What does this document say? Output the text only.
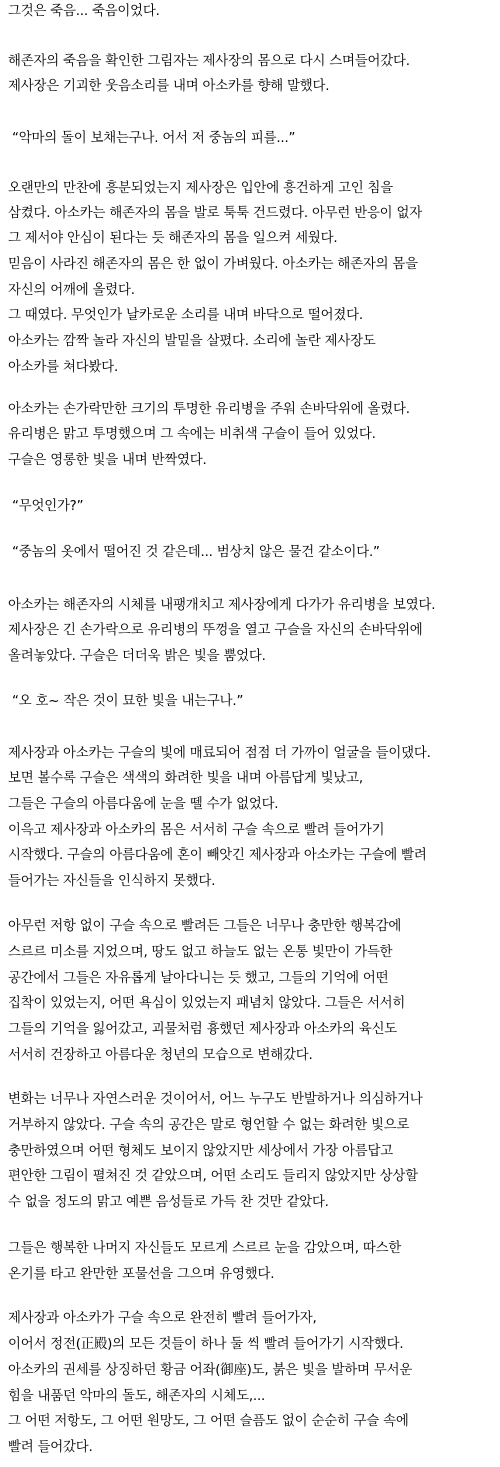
그것은 죽음... 죽음이었다.
해존자의 죽음을 확인한 그림자는 제사장의 몸으로 다시 스며들어갔다.
제사장은 기괴한 웃음소리를 내며 아소카를 향해 말했다.
“악마의 돌이 보채는구나. 어서 저 중놈의 피를...”
오랜만의 만찬에 흥분되었는지 제사장은 입안에 흥건하게 고인 침을
삼켰다. 아소카는 해존자의 몸을 발로 툭툭 건드렸다. 아무런 반응이 없자
그 제서야 안심이 된다는 듯 해존자의 몸을 일으켜 세웠다.
믿음이 사라진 해존자의 몸은 한 없이 가벼웠다. 아소카는 해존자의 몸을
자신의 어깨에 올렸다.
그 때였다. 무엇인가 날카로운 소리를 내며 바닥으로 떨어졌다.
아소카는 깜짝 놀라 자신의 발밑을 살폈다. 소리에 놀란 제사장도
아소카를 쳐다봤다.
아소카는 손가락만한 크기의 투명한 유리병을 주워 손바닥위에 올렸다.
유리병은 맑고 투명했으며 그 속에는 비취색 구슬이 들어 있었다.
구슬은 영롱한 빛을 내며 반짝였다.
“무엇인가?”
“중놈의 옷에서 떨어진 것 같은데... 범상치 않은 물건 같소이다.”
아소카는 해존자의 시체를 내팽개치고 제사장에게 다가가 유리병을 보였다.
제사장은 긴 손가락으로 유리병의 뚜껑을 열고 구슬을 자신의 손바닥위에
올려놓았다. 구슬은 더더욱 밝은 빛을 뿜었다.
“오 호~ 작은 것이 묘한 빛을 내는구나.”
제사장과 아소카는 구슬의 빛에 매료되어 점점 더 가까이 얼굴을 들이댔다.
보면 볼수록 구슬은 색색의 화려한 빛을 내며 아름답게 빛났고,
그들은 구슬의 아름다움에 눈을 뗄 수가 없었다.
이윽고 제사장과 아소카의 몸은 서서히 구슬 속으로 빨려 들어가기
시작했다. 구슬의 아름다움에 혼이 빼앗긴 제사장과 아소카는 구슬에 빨려
들어가는 자신들을 인식하지 못했다.
아무런 저항 없이 구슬 속으로 빨려든 그들은 너무나 충만한 행복감에
스르르 미소를 지었으며, 땅도 없고 하늘도 없는 온통 빛만이 가득한
공간에서 그들은 자유롭게 날아다니는 듯 했고, 그들의 기억에 어떤
집착이 있었는지, 어떤 욕심이 있었는지 패념치 않았다. 그들은 서서히
그들의 기억을 잃어갔고, 괴물처럼 흉했던 제사장과 아소카의 육신도
서서히 건장하고 아름다운 청년의 모습으로 변해갔다.
변화는 너무나 자연스러운 것이어서, 어느 누구도 반발하거나 의심하거나
거부하지 않았다. 구슬 속의 공간은 말로 형언할 수 없는 화려한 빛으로
충만하였으며 어떤 형체도 보이지 않았지만 세상에서 가장 아름답고
편안한 그림이 펼쳐진 것 같았으며, 어떤 소리도 들리지 않았지만 상상할
수 없을 정도의 맑고 예쁜 음성들로 가득 찬 것만 같았다.
그들은 행복한 나머지 자신들도 모르게 스르르 눈을 감았으며, 따스한
온기를 타고 완만한 포물선을 그으며 유영했다.
제사장과 아소카가 구슬 속으로 완전히 빨려 들어가자,
이어서 정전(正殿)의 모든 것들이 하나 둘 씩 빨려 들어가기 시작했다.
아소카의 권세를 상징하던 황금 어좌(御座)도, 붉은 빛을 발하며 무서운
힘을 내품던 악마의 돌도, 해존자의 시체도,...
그 어떤 저항도, 그 어떤 원망도, 그 어떤 슬픔도 없이 순순히 구슬 속에
빨려 들어갔다.
